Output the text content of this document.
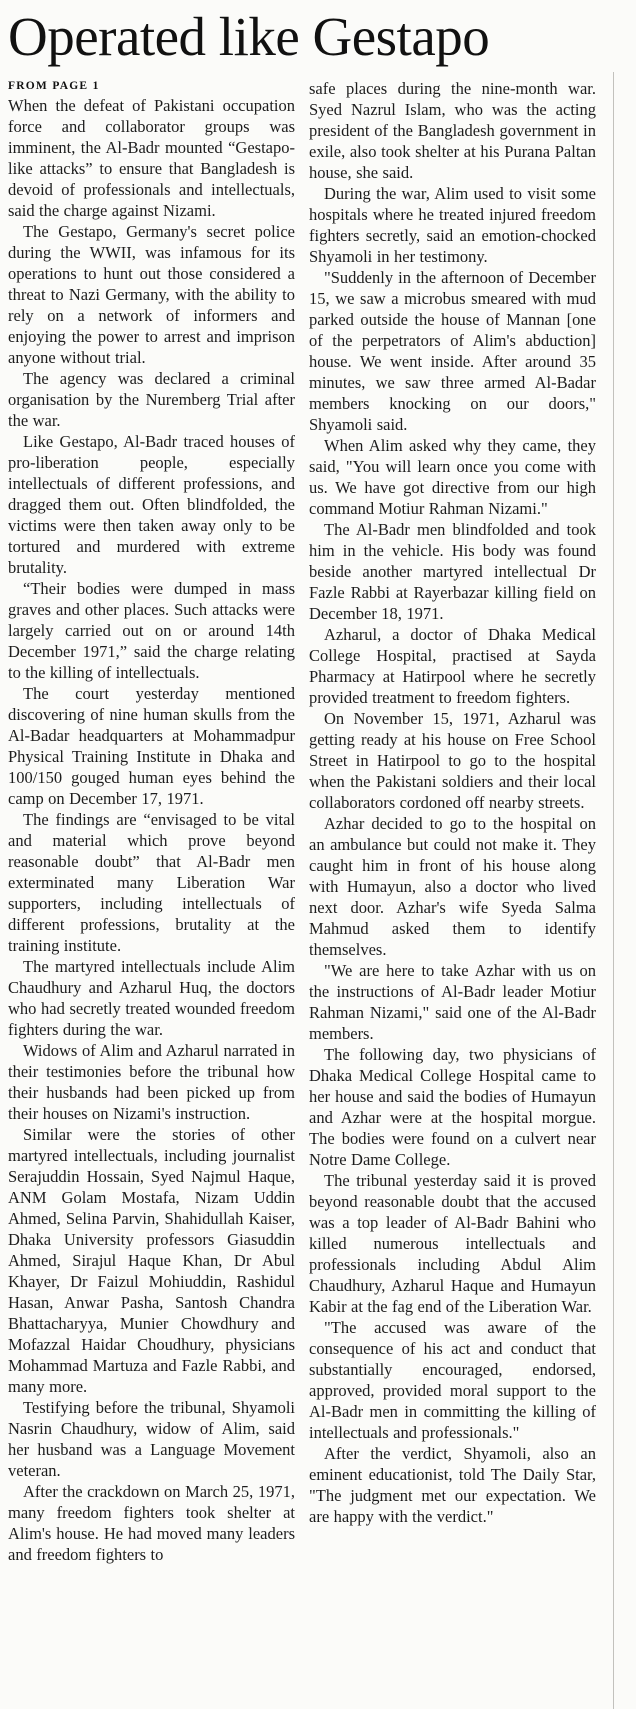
Operated like Gestapo
FROM PAGE 1

When the defeat of Pakistani occupation force and collaborator groups was imminent, the Al-Badr mounted “Gestapo-like attacks” to ensure that Bangladesh is devoid of professionals and intellectuals, said the charge against Nizami.

The Gestapo, Germany's secret police during the WWII, was infamous for its operations to hunt out those considered a threat to Nazi Germany, with the ability to rely on a network of informers and enjoying the power to arrest and imprison anyone without trial.

The agency was declared a criminal organisation by the Nuremberg Trial after the war.

Like Gestapo, Al-Badr traced houses of pro-liberation people, especially intellectuals of different professions, and dragged them out. Often blindfolded, the victims were then taken away only to be tortured and murdered with extreme brutality.

“Their bodies were dumped in mass graves and other places. Such attacks were largely carried out on or around 14th December 1971,” said the charge relating to the killing of intellectuals.

The court yesterday mentioned discovering of nine human skulls from the Al-Badar headquarters at Mohammadpur Physical Training Institute in Dhaka and 100/150 gouged human eyes behind the camp on December 17, 1971.

The findings are “envisaged to be vital and material which prove beyond reasonable doubt” that Al-Badr men exterminated many Liberation War supporters, including intellectuals of different professions, brutality at the training institute.

The martyred intellectuals include Alim Chaudhury and Azharul Huq, the doctors who had secretly treated wounded freedom fighters during the war.

Widows of Alim and Azharul narrated in their testimonies before the tribunal how their husbands had been picked up from their houses on Nizami's instruction.

Similar were the stories of other martyred intellectuals, including journalist Serajuddin Hossain, Syed Najmul Haque, ANM Golam Mostafa, Nizam Uddin Ahmed, Selina Parvin, Shahidullah Kaiser, Dhaka University professors Giasuddin Ahmed, Sirajul Haque Khan, Dr Abul Khayer, Dr Faizul Mohiuddin, Rashidul Hasan, Anwar Pasha, Santosh Chandra Bhattacharyya, Munier Chowdhury and Mofazzal Haidar Choudhury, physicians Mohammad Martuza and Fazle Rabbi, and many more.

Testifying before the tribunal, Shyamoli Nasrin Chaudhury, widow of Alim, said her husband was a Language Movement veteran.

After the crackdown on March 25, 1971, many freedom fighters took shelter at Alim's house. He had moved many leaders and freedom fighters to

safe places during the nine-month war. Syed Nazrul Islam, who was the acting president of the Bangladesh government in exile, also took shelter at his Purana Paltan house, she said.

During the war, Alim used to visit some hospitals where he treated injured freedom fighters secretly, said an emotion-chocked Shyamoli in her testimony.

"Suddenly in the afternoon of December 15, we saw a microbus smeared with mud parked outside the house of Mannan [one of the perpetrators of Alim's abduction] house. We went inside. After around 35 minutes, we saw three armed Al-Badar members knocking on our doors," Shyamoli said.

When Alim asked why they came, they said, "You will learn once you come with us. We have got directive from our high command Motiur Rahman Nizami."

The Al-Badr men blindfolded and took him in the vehicle. His body was found beside another martyred intellectual Dr Fazle Rabbi at Rayerbazar killing field on December 18, 1971.

Azharul, a doctor of Dhaka Medical College Hospital, practised at Sayda Pharmacy at Hatirpool where he secretly provided treatment to freedom fighters.

On November 15, 1971, Azharul was getting ready at his house on Free School Street in Hatirpool to go to the hospital when the Pakistani soldiers and their local collaborators cordoned off nearby streets.

Azhar decided to go to the hospital on an ambulance but could not make it. They caught him in front of his house along with Humayun, also a doctor who lived next door. Azhar's wife Syeda Salma Mahmud asked them to identify themselves.

"We are here to take Azhar with us on the instructions of Al-Badr leader Motiur Rahman Nizami," said one of the Al-Badr members.

The following day, two physicians of Dhaka Medical College Hospital came to her house and said the bodies of Humayun and Azhar were at the hospital morgue. The bodies were found on a culvert near Notre Dame College.

The tribunal yesterday said it is proved beyond reasonable doubt that the accused was a top leader of Al-Badr Bahini who killed numerous intellectuals and professionals including Abdul Alim Chaudhury, Azharul Haque and Humayun Kabir at the fag end of the Liberation War.

"The accused was aware of the consequence of his act and conduct that substantially encouraged, endorsed, approved, provided moral support to the Al-Badr men in committing the killing of intellectuals and professionals."

After the verdict, Shyamoli, also an eminent educationist, told The Daily Star, "The judgment met our expectation. We are happy with the verdict."
